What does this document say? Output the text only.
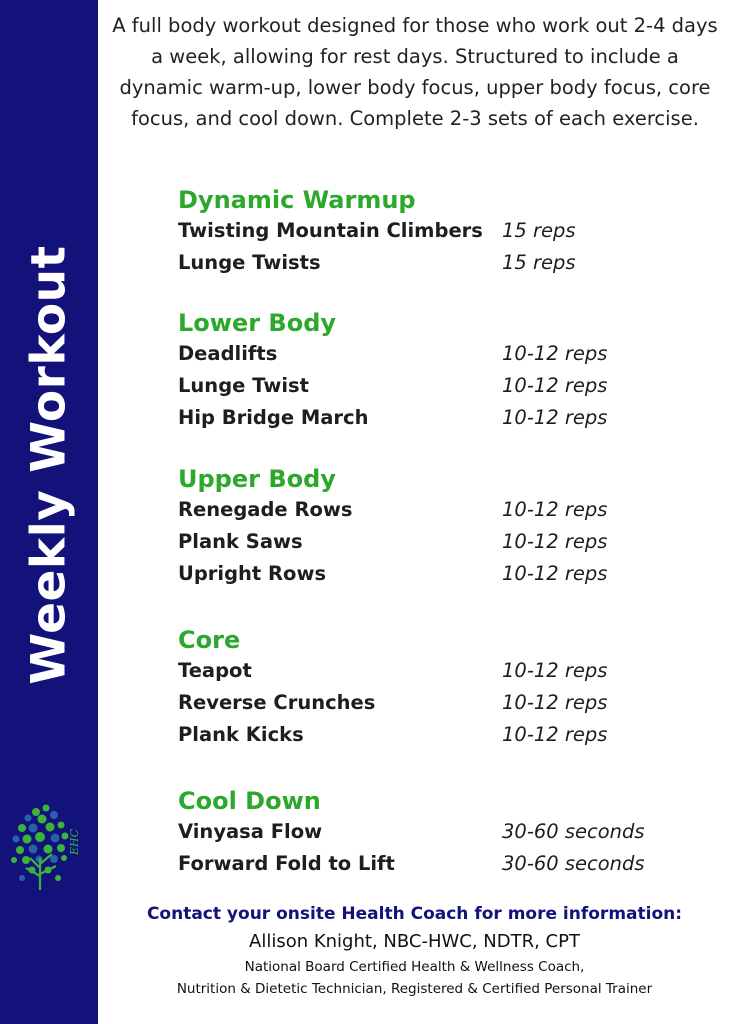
Weekly Workout
EHC
A full body workout designed for those who work out 2-4 days a week, allowing for rest days. Structured to include a dynamic warm-up, lower body focus, upper body focus, core focus, and cool down. Complete 2-3 sets of each exercise.
Dynamic Warmup
Twisting Mountain Climbers 15 reps
Lunge Twists	15 reps
Lower Body
Deadlifts	10-12 reps
Lunge Twist	10-12 reps
Hip Bridge March	10-12 reps
Upper Body
Renegade Rows	10-12 reps
Plank Saws	10-12 reps
Upright Rows	10-12 reps
Core
Teapot	10-12 reps
Reverse Crunches	10-12 reps
Plank Kicks	10-12 reps
Cool Down
Vinyasa Flow	30-60 seconds
Forward Fold to Lift	30-60 seconds
Contact your onsite Health Coach for more information:
Allison Knight, NBC-HWC, NDTR, CPT
National Board Certified Health & Wellness Coach,
Nutrition & Dietetic Technician, Registered & Certified Personal Trainer
